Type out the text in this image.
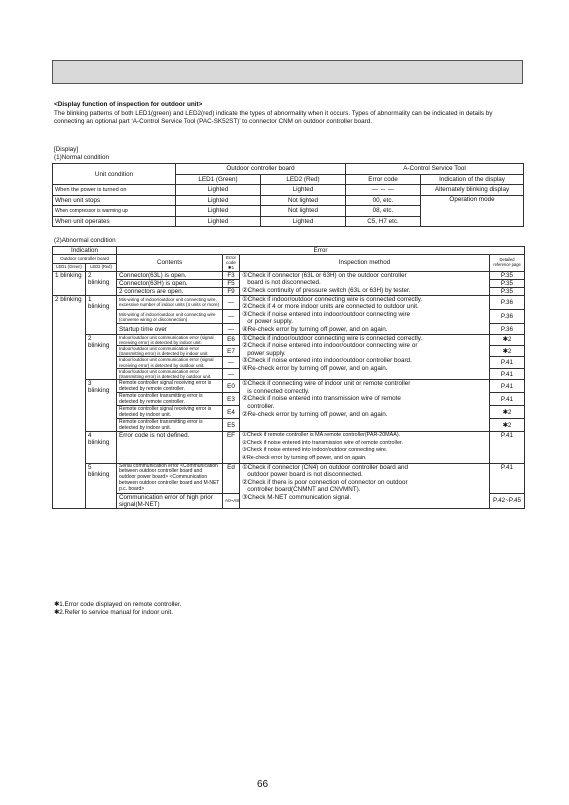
<Display function of inspection for outdoor unit>
The blinking patterns of both LED1(green) and LED2(red) indicate the types of abnormality when it occurs. Types of abnormality can be indicated in details by connecting an optional part ‘A-Control Service Tool (PAC-SK52ST)’ to connector CNM on outdoor controller board.
[Display]
(1)Normal condition
Unit condition	Outdoor controller board		A-Control Service Tool	
	LED1 (Green)	LED2 (Red)	Error code	Indication of the display
When the power is turned on	Lighted	Lighted	— ⇔ —	Alternately blinking display
When unit stops	Lighted	Not lighted	00, etc.	Operation mode
When compressor is warming up	Lighted	Not lighted	08, etc.	
When unit operates	Lighted	Lighted	C5, H7 etc.	
(2)Abnormal condition
Indication		Error			
Outdoor controller board		Contents	Error code ✱1	Inspection method	Detailed reference page
LED1 (Green)	LED2 (Red)				
1 blinking	2 blinking	Connector(63L) is open.	F3	①Check if connector (63L or 63H) on the outdoor controller
board is not disconnected.
②Check continuity of pressure switch (63L or 63H) by tester.	P.35
		Connector(63H) is open.	F5		P.35
		2 connectors are open.	F9		P.35
2 blinking	1 blinking	Mis-wiring of indoor/outdoor unit connecting wire, excessive number of indoor units (4 units or more)	—	①Check if indoor/outdoor connecting wire is connected correctly.
②Check if 4 or more indoor units are connected to outdoor unit.
③Check if noise entered into indoor/outdoor connecting wire
or power supply.
④Re-check error by turning off power, and on again.	P.36
		Mis-wiring of indoor/outdoor unit connecting wire (converse wiring or disconnection)	—		P.36
		Startup time over	—		P.36
	2 blinking	Indoor/outdoor unit communication error (signal receiving error) is detected by indoor unit.	E6	①Check if indoor/outdoor connecting wire is connected correctly.
②Check if noise entered into indoor/outdoor connecting wire or
power supply.
③Check if noise entered into indoor/outdoor controller board.
④Re-check error by turning off power, and on again.	✱2
		Indoor/outdoor unit communication error (transmitting error) is detected by indoor unit.	E7		✱2
		Indoor/outdoor unit communication error (signal receiving error) is detected by outdoor unit.	—		P.41
		Indoor/outdoor unit communication error (transmitting error) is detected by outdoor unit.	—		P.41
	3 blinking	Remote controller signal receiving error is detected by remote controller.	E0	①Check if connecting wire of indoor unit or remote controller
is connected correctly.
②Check if noise entered into transmission wire of remote
controller.
②Re-check error by turning off power, and on again.	P.41
		Remote controller transmitting error is detected by remote controller.	E3		P.41
		Remote controller signal receiving error is detected by indoor unit.	E4		✱2
		Remote controller transmitting error is detected by indoor unit.	E5		✱2
	4 blinking	Error code is not defined.	EF	①Check if remote controller is MA remote controller(PAR-20MAA).
②Check if noise entered into transmission wire of remote controller.
③Check if noise entered into indoor/outdoor connecting wire.
④Re-check error by turning off power, and on again.	P.41
	5 blinking	Serial communication error <Communication between outdoor controller board and outdoor power board> <Communication between outdoor controller board and M-NET p.c. board>	Ed	①Check if connector (CN4) on outdoor controller board and
outdoor power board is not disconnected.
②Check if there is poor connection of connector on outdoor
controller board(CNMNT and CNVMNT).
③Check M-NET communication signal.	P.41
		Communication error of high prior signal(M-NET)	A0~A8		P.42~P.45
✱1.Error code displayed on remote controller.
✱2.Refer to service manual for indoor unit.
66
